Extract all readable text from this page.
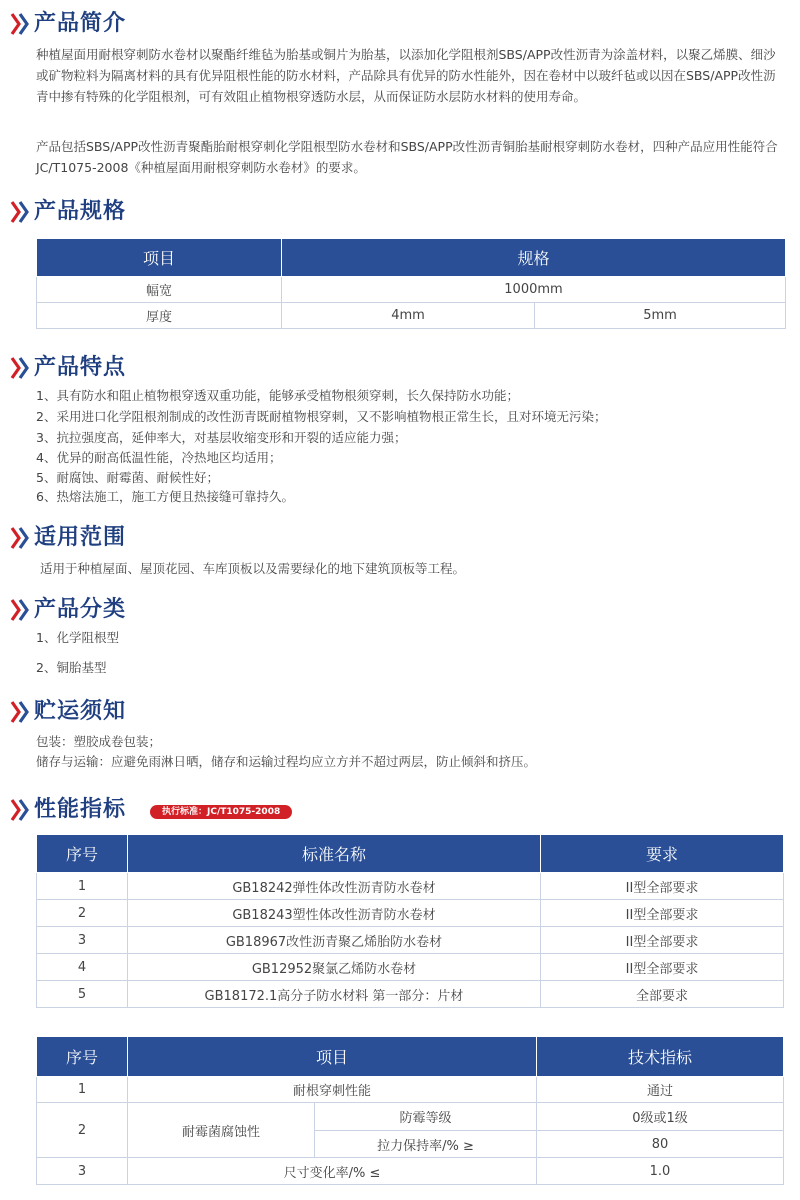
产品简介
种植屋面用耐根穿刺防水卷材以聚酯纤维毡为胎基或铜片为胎基，以添加化学阻根剂SBS/APP改性沥青为涂盖材料，以聚乙烯膜、细沙或矿物粒料为隔离材料的具有优异阻根性能的防水材料，产品除具有优异的防水性能外，因在卷材中以玻纤毡或以因在SBS/APP改性沥青中掺有特殊的化学阻根剂，可有效阻止植物根穿透防水层，从而保证防水层防水材料的使用寿命。
产品包括SBS/APP改性沥青聚酯胎耐根穿刺化学阻根型防水卷材和SBS/APP改性沥青铜胎基耐根穿刺防水卷材，四种产品应用性能符合JC/T1075-2008《种植屋面用耐根穿刺防水卷材》的要求。
产品规格
项目	规格	
幅宽	1000mm	
厚度	4mm	5mm
产品特点
1、具有防水和阻止植物根穿透双重功能，能够承受植物根须穿刺，长久保持防水功能；
2、采用进口化学阻根剂制成的改性沥青既耐植物根穿刺，又不影响植物根正常生长，且对环境无污染；
3、抗拉强度高，延伸率大，对基层收缩变形和开裂的适应能力强；
4、优异的耐高低温性能，冷热地区均适用；
5、耐腐蚀、耐霉菌、耐候性好；
6、热熔法施工，施工方便且热接缝可靠持久。
适用范围
适用于种植屋面、屋顶花园、车库顶板以及需要绿化的地下建筑顶板等工程。
产品分类
1、化学阻根型
2、铜胎基型
贮运须知
包装：塑胶成卷包装；
储存与运输：应避免雨淋日晒，储存和运输过程均应立方并不超过两层，防止倾斜和挤压。
性能指标	执行标准：JC/T1075-2008
序号	标准名称	要求
1	GB18242弹性体改性沥青防水卷材	II型全部要求
2	GB18243塑性体改性沥青防水卷材	II型全部要求
3	GB18967改性沥青聚乙烯胎防水卷材	II型全部要求
4	GB12952聚氯乙烯防水卷材	II型全部要求
5	GB18172.1高分子防水材料 第一部分：片材	全部要求
序号	项目		技术指标
1	耐根穿刺性能		通过
2	耐霉菌腐蚀性	防霉等级	0级或1级
		拉力保持率/% ≥	80
3	尺寸变化率/% ≤		1.0
